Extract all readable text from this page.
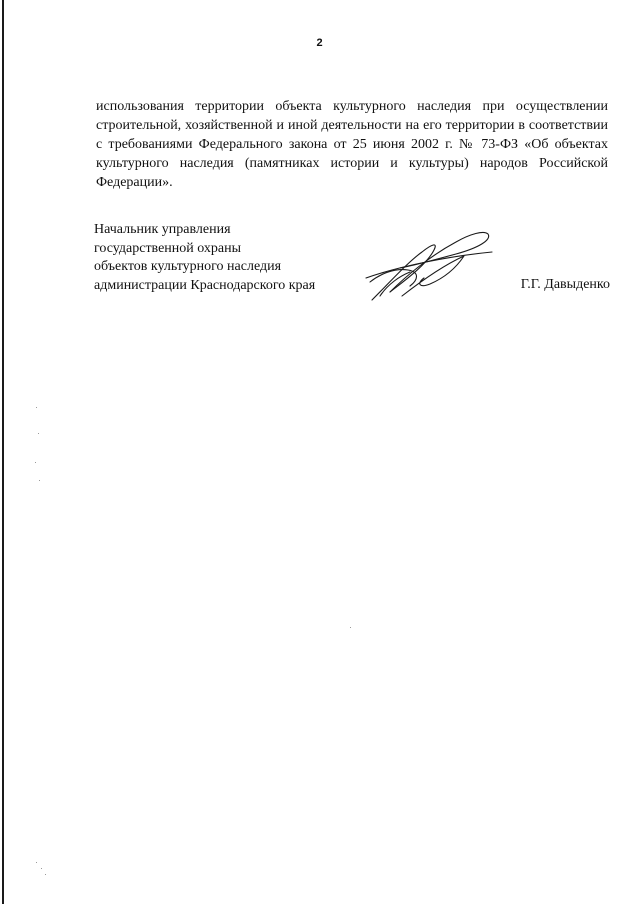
2

использования территории объекта культурного наследия при осуществлении строительной, хозяйственной и иной деятельности на его территории в соответствии с требованиями Федерального закона от 25 июня 2002 г. № 73-ФЗ «Об объектах культурного наследия (памятниках истории и культуры) народов Российской Федерации».

Начальник управления
государственной охраны
объектов культурного наследия
администрации Краснодарского края	Г.Г. Давыденко
